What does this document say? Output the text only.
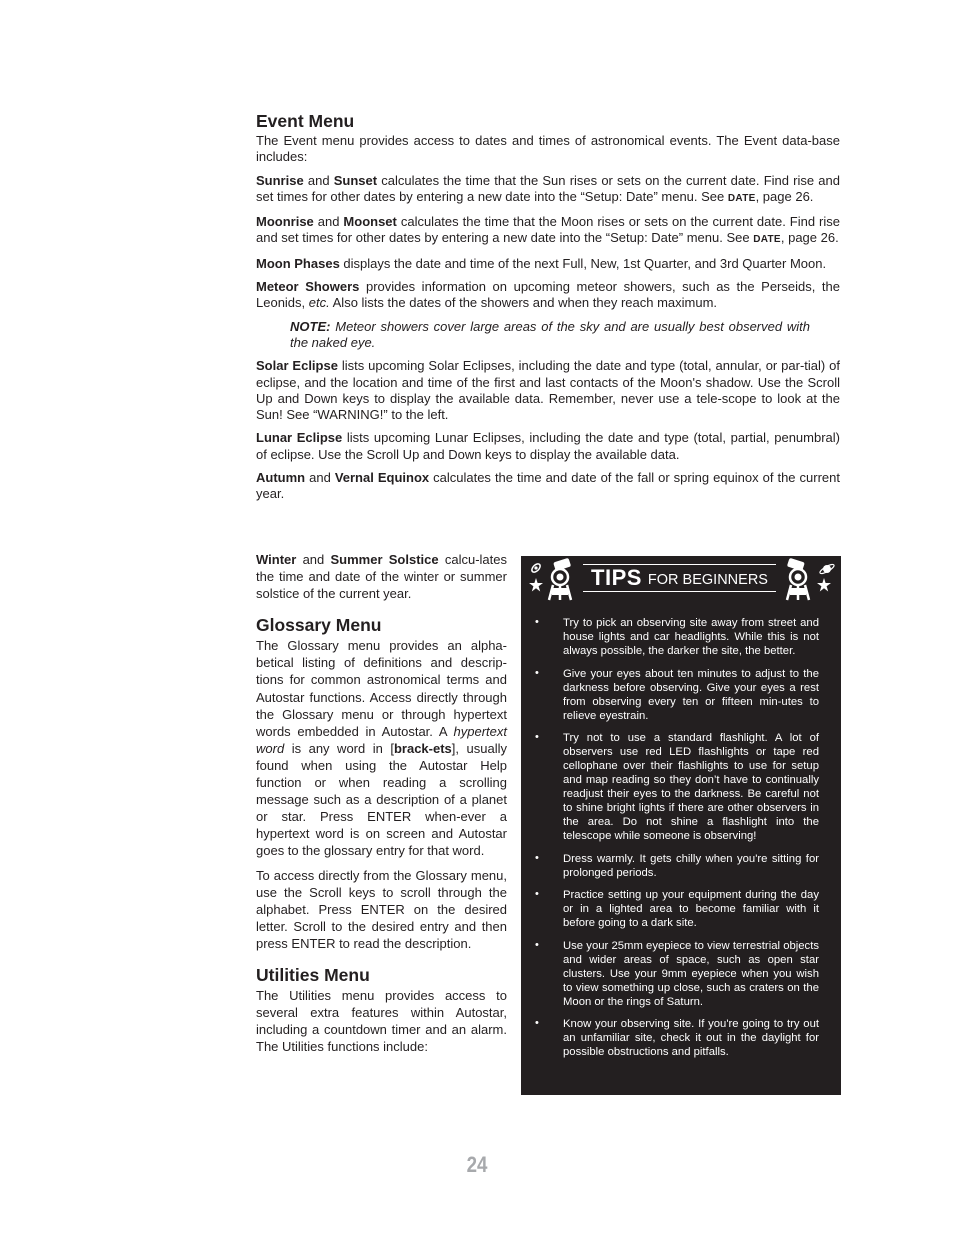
Event Menu

The Event menu provides access to dates and times of astronomical events. The Event data-base includes:

Sunrise and Sunset calculates the time that the Sun rises or sets on the current date. Find rise and set times for other dates by entering a new date into the “Setup: Date” menu. See DATE, page 26.

Moonrise and Moonset calculates the time that the Moon rises or sets on the current date. Find rise and set times for other dates by entering a new date into the “Setup: Date” menu. See DATE, page 26.

Moon Phases displays the date and time of the next Full, New, 1st Quarter, and 3rd Quarter Moon.

Meteor Showers provides information on upcoming meteor showers, such as the Perseids, the Leonids, etc. Also lists the dates of the showers and when they reach maximum.

NOTE: Meteor showers cover large areas of the sky and are usually best observed with the naked eye.

Solar Eclipse lists upcoming Solar Eclipses, including the date and type (total, annular, or par-tial) of eclipse, and the location and time of the first and last contacts of the Moon's shadow. Use the Scroll Up and Down keys to display the available data. Remember, never use a tele-scope to look at the Sun! See “WARNING!” to the left.

Lunar Eclipse lists upcoming Lunar Eclipses, including the date and type (total, partial, penumbral) of eclipse. Use the Scroll Up and Down keys to display the available data.

Autumn and Vernal Equinox calculates the time and date of the fall or spring equinox of the current year.

Winter and Summer Solstice calcu-lates the time and date of the winter or summer solstice of the current year.

Glossary Menu

The Glossary menu provides an alpha-betical listing of definitions and descrip-tions for common astronomical terms and Autostar functions. Access directly through the Glossary menu or through hypertext words embedded in Autostar. A hypertext word is any word in [brack-ets], usually found when using the Autostar Help function or when reading a scrolling message such as a description of a planet or star. Press ENTER when-ever a hypertext word is on screen and Autostar goes to the glossary entry for that word.

To access directly from the Glossary menu, use the Scroll keys to scroll through the alphabet. Press ENTER on the desired letter. Scroll to the desired entry and then press ENTER to read the description.

Utilities Menu

The Utilities menu provides access to several extra features within Autostar, including a countdown timer and an alarm. The Utilities functions include:

TIPS FOR BEGINNERS
• Try to pick an observing site away from street and house lights and car headlights. While this is not always possible, the darker the site, the better.
• Give your eyes about ten minutes to adjust to the darkness before observing. Give your eyes a rest from observing every ten or fifteen min-utes to relieve eyestrain.
• Try not to use a standard flashlight. A lot of observers use red LED flashlights or tape red cellophane over their flashlights to use for setup and map reading so they don’t have to continually readjust their eyes to the darkness. Be careful not to shine bright lights if there are other observers in the area. Do not shine a flashlight into the telescope while someone is observing!
• Dress warmly. It gets chilly when you're sitting for prolonged periods.
• Practice setting up your equipment during the day or in a lighted area to become familiar with it before going to a dark site.
• Use your 25mm eyepiece to view terrestrial objects and wider areas of space, such as open star clusters. Use your 9mm eyepiece when you wish to view something up close, such as craters on the Moon or the rings of Saturn.
• Know your observing site. If you're going to try out an unfamiliar site, check it out in the daylight for possible obstructions and pitfalls.
24
